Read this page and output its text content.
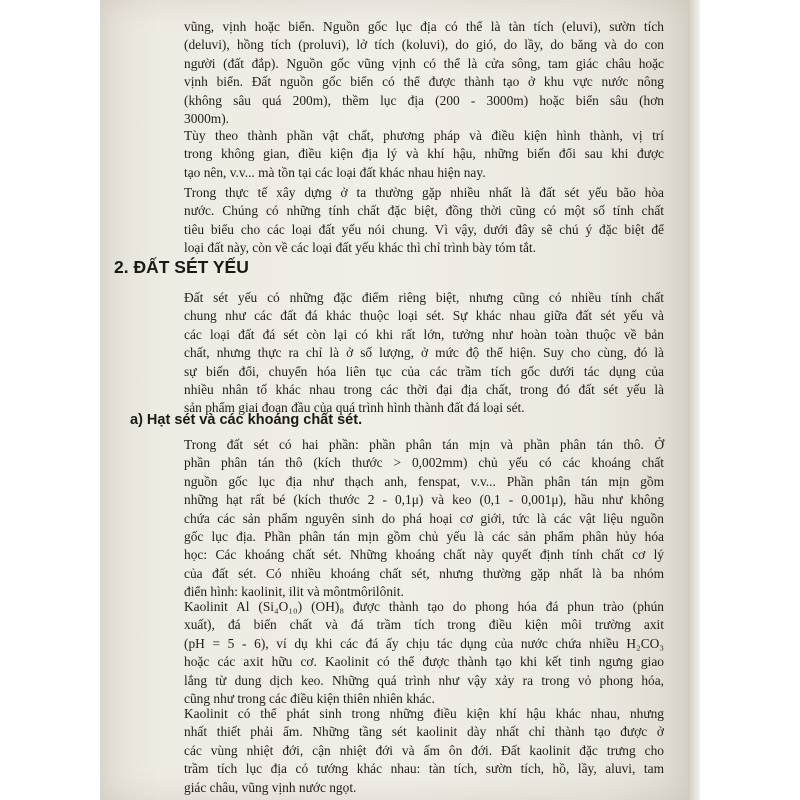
vũng, vịnh hoặc biển. Nguồn gốc lục địa có thể là tàn tích (eluvi), sườn tích
(deluvi), hồng tích (proluvi), lở tích (koluvi), do gió, do lầy, do băng và do con
người (đất đắp). Nguồn gốc vũng vịnh có thể là cửa sông, tam giác châu hoặc
vịnh biển. Đất nguồn gốc biển có thể được thành tạo ở khu vực nước nông
(không sâu quá 200m), thềm lục địa (200 - 3000m) hoặc biển sâu (hơn
3000m).
Tùy theo thành phần vật chất, phương pháp và điều kiện hình thành, vị trí
trong không gian, điều kiện địa lý và khí hậu, những biến đổi sau khi được
tạo nên, v.v... mà tồn tại các loại đất khác nhau hiện nay.
Trong thực tế xây dựng ở ta thường gặp nhiều nhất là đất sét yếu bão hòa
nước. Chúng có những tính chất đặc biệt, đồng thời cũng có một số tính chất
tiêu biểu cho các loại đất yếu nói chung. Vì vậy, dưới đây sẽ chú ý đặc biệt để
loại đất này, còn về các loại đất yếu khác thì chỉ trình bày tóm tắt.
2. ĐẤT SÉT YẾU
Đất sét yếu có những đặc điểm riêng biệt, nhưng cũng có nhiều tính chất
chung như các đất đá khác thuộc loại sét. Sự khác nhau giữa đất sét yếu và
các loại đất đá sét còn lại có khi rất lớn, tưởng như hoàn toàn thuộc về bản
chất, nhưng thực ra chỉ là ở số lượng, ở mức độ thể hiện. Suy cho cùng, đó là
sự biến đổi, chuyển hóa liên tục của các trầm tích gốc dưới tác dụng của
nhiều nhân tố khác nhau trong các thời đại địa chất, trong đó đất sét yếu là
sản phẩm giai đoạn đầu của quá trình hình thành đất đá loại sét.
a) Hạt sét và các khoáng chất sét.
Trong đất sét có hai phần: phần phân tán mịn và phần phân tán thô. Ở
phần phân tán thô (kích thước > 0,002mm) chủ yếu có các khoáng chất
nguồn gốc lục địa như thạch anh, fenspat, v.v... Phần phân tán mịn gồm
những hạt rất bé (kích thước 2 - 0,1μ) và keo (0,1 - 0,001μ), hầu như không
chứa các sản phẩm nguyên sinh do phá hoại cơ giới, tức là các vật liệu nguồn
gốc lục địa. Phần phân tán mịn gồm chủ yếu là các sản phẩm phân hủy hóa
học: Các khoáng chất sét. Những khoáng chất này quyết định tính chất cơ lý
của đất sét. Có nhiều khoáng chất sét, nhưng thường gặp nhất là ba nhóm
điển hình: kaolinit, ilit và môntmôrilônit.
Kaolinit Al (Si₄O₁₀) (OH)₈ được thành tạo do phong hóa đá phun trào (phún
xuất), đá biến chất và đá trầm tích trong điều kiện môi trường axit
(pH = 5 - 6), ví dụ khi các đá ấy chịu tác dụng của nước chứa nhiều H₂CO₃
hoặc các axit hữu cơ. Kaolinit có thể được thành tạo khi kết tinh ngưng giao
lắng từ dung dịch keo. Những quá trình như vậy xảy ra trong vỏ phong hóa,
cũng như trong các điều kiện thiên nhiên khác.
Kaolinit có thể phát sinh trong những điều kiện khí hậu khác nhau, nhưng
nhất thiết phải ẩm. Những tầng sét kaolinit dày nhất chỉ thành tạo được ở
các vùng nhiệt đới, cận nhiệt đới và ấm ôn đới. Đất kaolinit đặc trưng cho
trầm tích lục địa có tướng khác nhau: tàn tích, sườn tích, hồ, lầy, aluvi, tam
giác châu, vũng vịnh nước ngọt.
